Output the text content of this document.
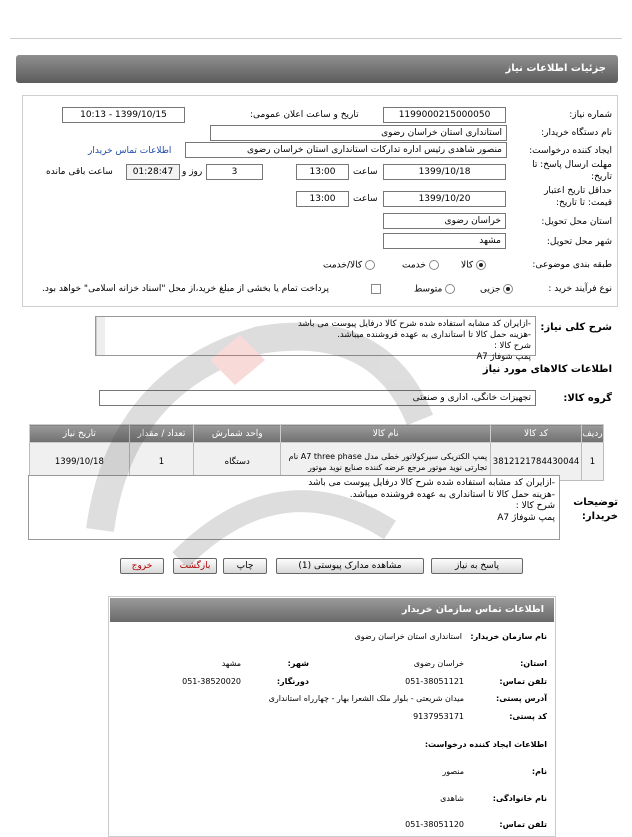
جزئیات اطلاعات نیاز
شماره نیاز:
1199000215000050
تاریخ و ساعت اعلان عمومی:
1399/10/15 - 10:13
نام دستگاه خریدار:
استانداری استان خراسان رضوی
ایجاد کننده درخواست:
منصور شاهدی رئیس اداره تدارکات استانداری استان خراسان رضوی
اطلاعات تماس خریدار
مهلت ارسال پاسخ: تا
تاریخ:
1399/10/18
ساعت
13:00
3
روز و
01:28:47
ساعت باقی مانده
حداقل تاریخ اعتبار
قیمت: تا تاریخ:
1399/10/20
ساعت
13:00
استان محل تحویل:
خراسان رضوی
شهر محل تحویل:
مشهد
طبقه بندی موضوعی:
کالا
خدمت
کالا/خدمت
نوع فرآیند خرید :
جزیی
متوسط
پرداخت تمام یا بخشی از مبلغ خرید،از محل "اسناد خزانه اسلامی" خواهد بود.
شرح کلی نیاز:
-ازایران کد مشابه استفاده شده شرح کالا درفایل پیوست می باشد
-هزینه حمل کالا تا استانداری به عهده فروشنده میباشد.
شرح کالا :
پمپ شوفاژ A7
اطلاعات کالاهای مورد نیاز
گروه کالا:
تجهیزات خانگی، اداری و صنعتی
ردیف	کد کالا	نام کالا	واحد شمارش	تعداد / مقدار	تاریخ نیاز
1	3812121784430044	پمپ الکتریکی سیرکولاتور خطی مدل A7 three phase نام
تجارتی نوید موتور مرجع عرضه کننده صنایع نوید موتور	دستگاه	1	1399/10/18
توضیحات
خریدار:
-ازایران کد مشابه استفاده شده شرح کالا درفایل پیوست می باشد
-هزینه حمل کالا تا استانداری به عهده فروشنده میباشد.
شرح کالا :
پمپ شوفاژ A7
پاسخ به نیاز
مشاهده مدارک پیوستی (1)
چاپ
بازگشت
خروج
اطلاعات تماس سازمان خریدار
نام سازمان خریدار:
استانداری استان خراسان رضوی
استان:
خراسان رضوی
شهر:
مشهد
تلفن تماس:
051-38051121
دورنگار:
051-38520020
آدرس پستی:
میدان شریعتی - بلوار ملک الشعرا بهار - چهارراه استانداری
کد پستی:
9137953171
اطلاعات ایجاد کننده درخواست:
نام:
منصور
نام خانوادگی:
شاهدی
تلفن تماس:
051-38051120
